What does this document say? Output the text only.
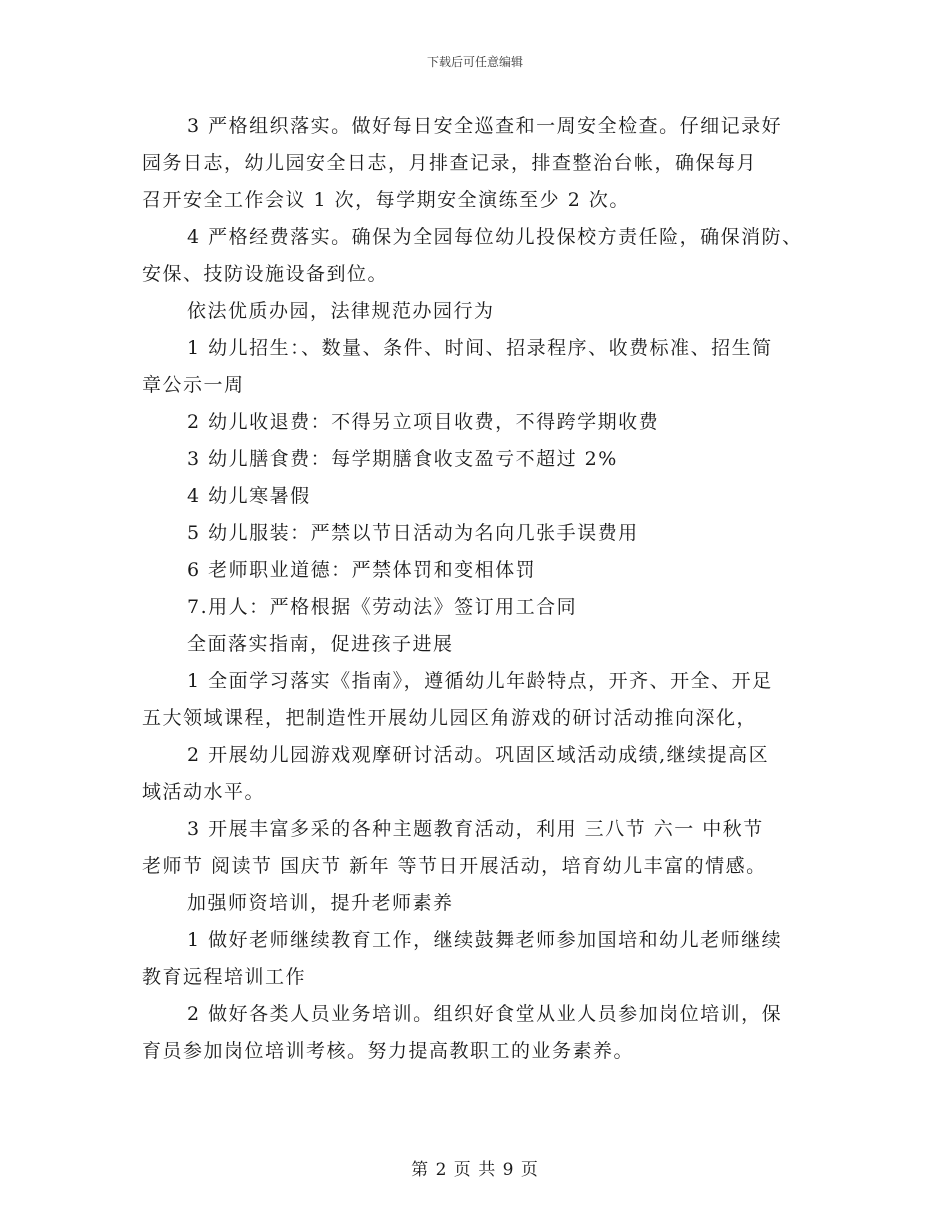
下载后可任意编辑
3 严格组织落实。做好每日安全巡查和一周安全检查。仔细记录好
园务日志，幼儿园安全日志，月排查记录，排查整治台帐，确保每月
召开安全工作会议 1 次，每学期安全演练至少 2 次。
4 严格经费落实。确保为全园每位幼儿投保校方责任险，确保消防、
安保、技防设施设备到位。
依法优质办园，法律规范办园行为
1 幼儿招生：、数量、条件、时间、招录程序、收费标准、招生简
章公示一周
2 幼儿收退费：不得另立项目收费，不得跨学期收费
3 幼儿膳食费：每学期膳食收支盈亏不超过 2%
4 幼儿寒暑假
5 幼儿服装：严禁以节日活动为名向几张手误费用
6 老师职业道德：严禁体罚和变相体罚
7.用人：严格根据《劳动法》签订用工合同
全面落实指南，促进孩子进展
1 全面学习落实《指南》，遵循幼儿年龄特点，开齐、开全、开足
五大领域课程，把制造性开展幼儿园区角游戏的研讨活动推向深化，
2 开展幼儿园游戏观摩研讨活动。巩固区域活动成绩,继续提高区
域活动水平。
3 开展丰富多采的各种主题教育活动，利用 三八节 六一 中秋节
老师节 阅读节 国庆节 新年 等节日开展活动，培育幼儿丰富的情感。
加强师资培训，提升老师素养
1 做好老师继续教育工作，继续鼓舞老师参加国培和幼儿老师继续
教育远程培训工作
2 做好各类人员业务培训。组织好食堂从业人员参加岗位培训，保
育员参加岗位培训考核。努力提高教职工的业务素养。
第 2 页 共 9 页
